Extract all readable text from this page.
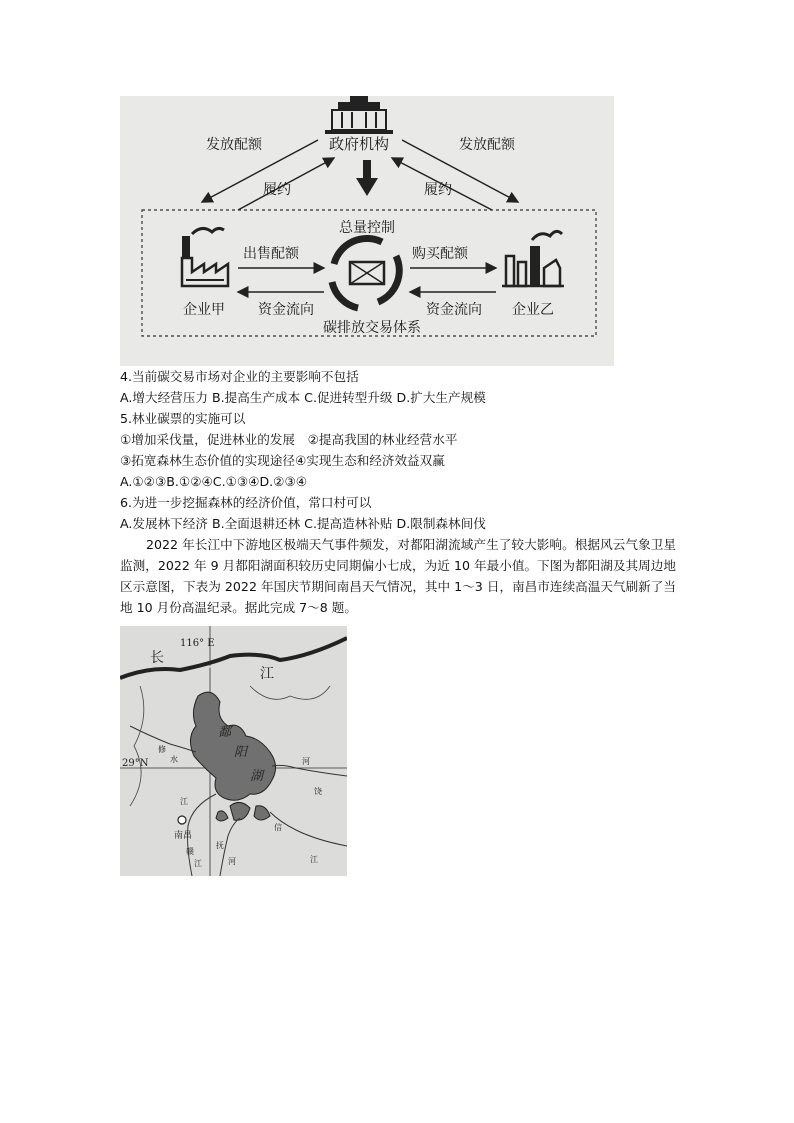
政府机构
发放配额
履约
发放配额
履约
总量控制
企业甲	企业乙
出售配额
资金流向
购买配额
资金流向
碳排放交易体系
4.当前碳交易市场对企业的主要影响不包括
A.增大经营压力 B.提高生产成本 C.促进转型升级 D.扩大生产规模
5.林业碳票的实施可以
①增加采伐量，促进林业的发展　②提高我国的林业经营水平
③拓宽森林生态价值的实现途径④实现生态和经济效益双赢
A.①②③B.①②④C.①③④D.②③④
6.为进一步挖掘森林的经济价值，常口村可以
A.发展林下经济 B.全面退耕还林 C.提高造林补贴 D.限制森林间伐
2022 年长江中下游地区极端天气事件频发，对都阳湖流域产生了较大影响。根据风云气象卫星监测，2022 年 9 月都阳湖面积较历史同期偏小七成，为近 10 年最小值。下图为都阳湖及其周边地区示意图，下表为 2022 年国庆节期间南昌天气情况，其中 1～3 日，南昌市连续高温天气刷新了当地 10 月份高温纪录。据此完成 7～8 题。
116° E
29°N
长
江
鄱
阳
湖
修
水
江
赣
江
抚
河	江
信
河
饶
南昌
